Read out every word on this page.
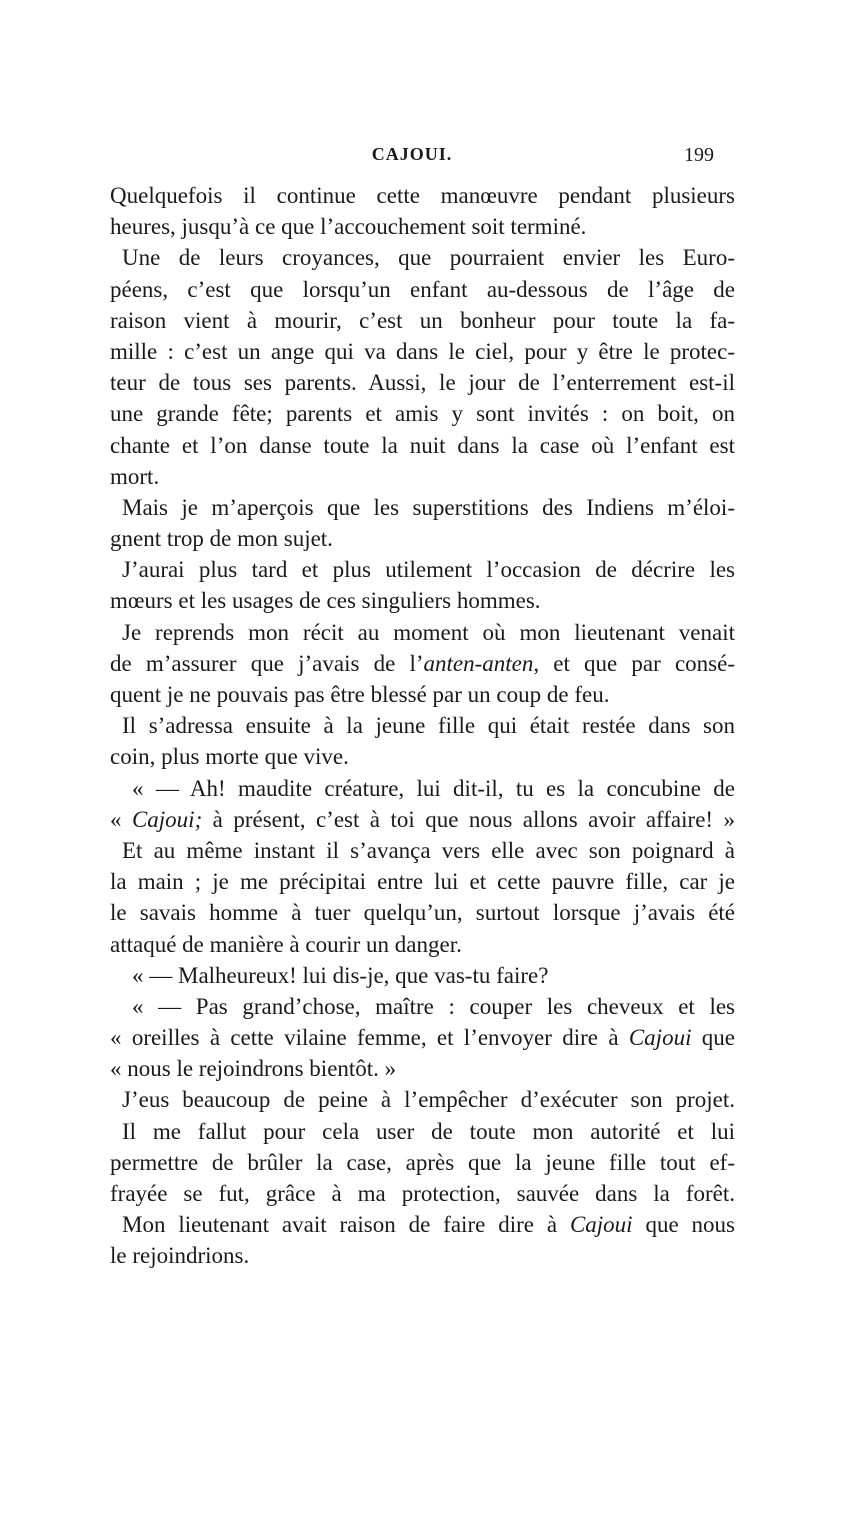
CAJOUI.	199
Quelquefois il continue cette manœuvre pendant plusieurs
heures, jusqu’à ce que l’accouchement soit terminé.
Une de leurs croyances, que pourraient envier les Euro-
péens, c’est que lorsqu’un enfant au-dessous de l’âge de
raison vient à mourir, c’est un bonheur pour toute la fa-
mille : c’est un ange qui va dans le ciel, pour y être le protec-
teur de tous ses parents. Aussi, le jour de l’enterrement est-il
une grande fête; parents et amis y sont invités : on boit, on
chante et l’on danse toute la nuit dans la case où l’enfant est
mort.
Mais je m’aperçois que les superstitions des Indiens m’éloi-
gnent trop de mon sujet.
J’aurai plus tard et plus utilement l’occasion de décrire les
mœurs et les usages de ces singuliers hommes.
Je reprends mon récit au moment où mon lieutenant venait
de m’assurer que j’avais de l’anten-anten, et que par consé-
quent je ne pouvais pas être blessé par un coup de feu.
Il s’adressa ensuite à la jeune fille qui était restée dans son
coin, plus morte que vive.
« — Ah! maudite créature, lui dit-il, tu es la concubine de
« Cajoui; à présent, c’est à toi que nous allons avoir affaire! »
Et au même instant il s’avança vers elle avec son poignard à
la main ; je me précipitai entre lui et cette pauvre fille, car je
le savais homme à tuer quelqu’un, surtout lorsque j’avais été
attaqué de manière à courir un danger.
« — Malheureux! lui dis-je, que vas-tu faire?
« — Pas grand’chose, maître : couper les cheveux et les
« oreilles à cette vilaine femme, et l’envoyer dire à Cajoui que
« nous le rejoindrons bientôt. »
J’eus beaucoup de peine à l’empêcher d’exécuter son projet.
Il me fallut pour cela user de toute mon autorité et lui
permettre de brûler la case, après que la jeune fille tout ef-
frayée se fut, grâce à ma protection, sauvée dans la forêt.
Mon lieutenant avait raison de faire dire à Cajoui que nous
le rejoindrions.
